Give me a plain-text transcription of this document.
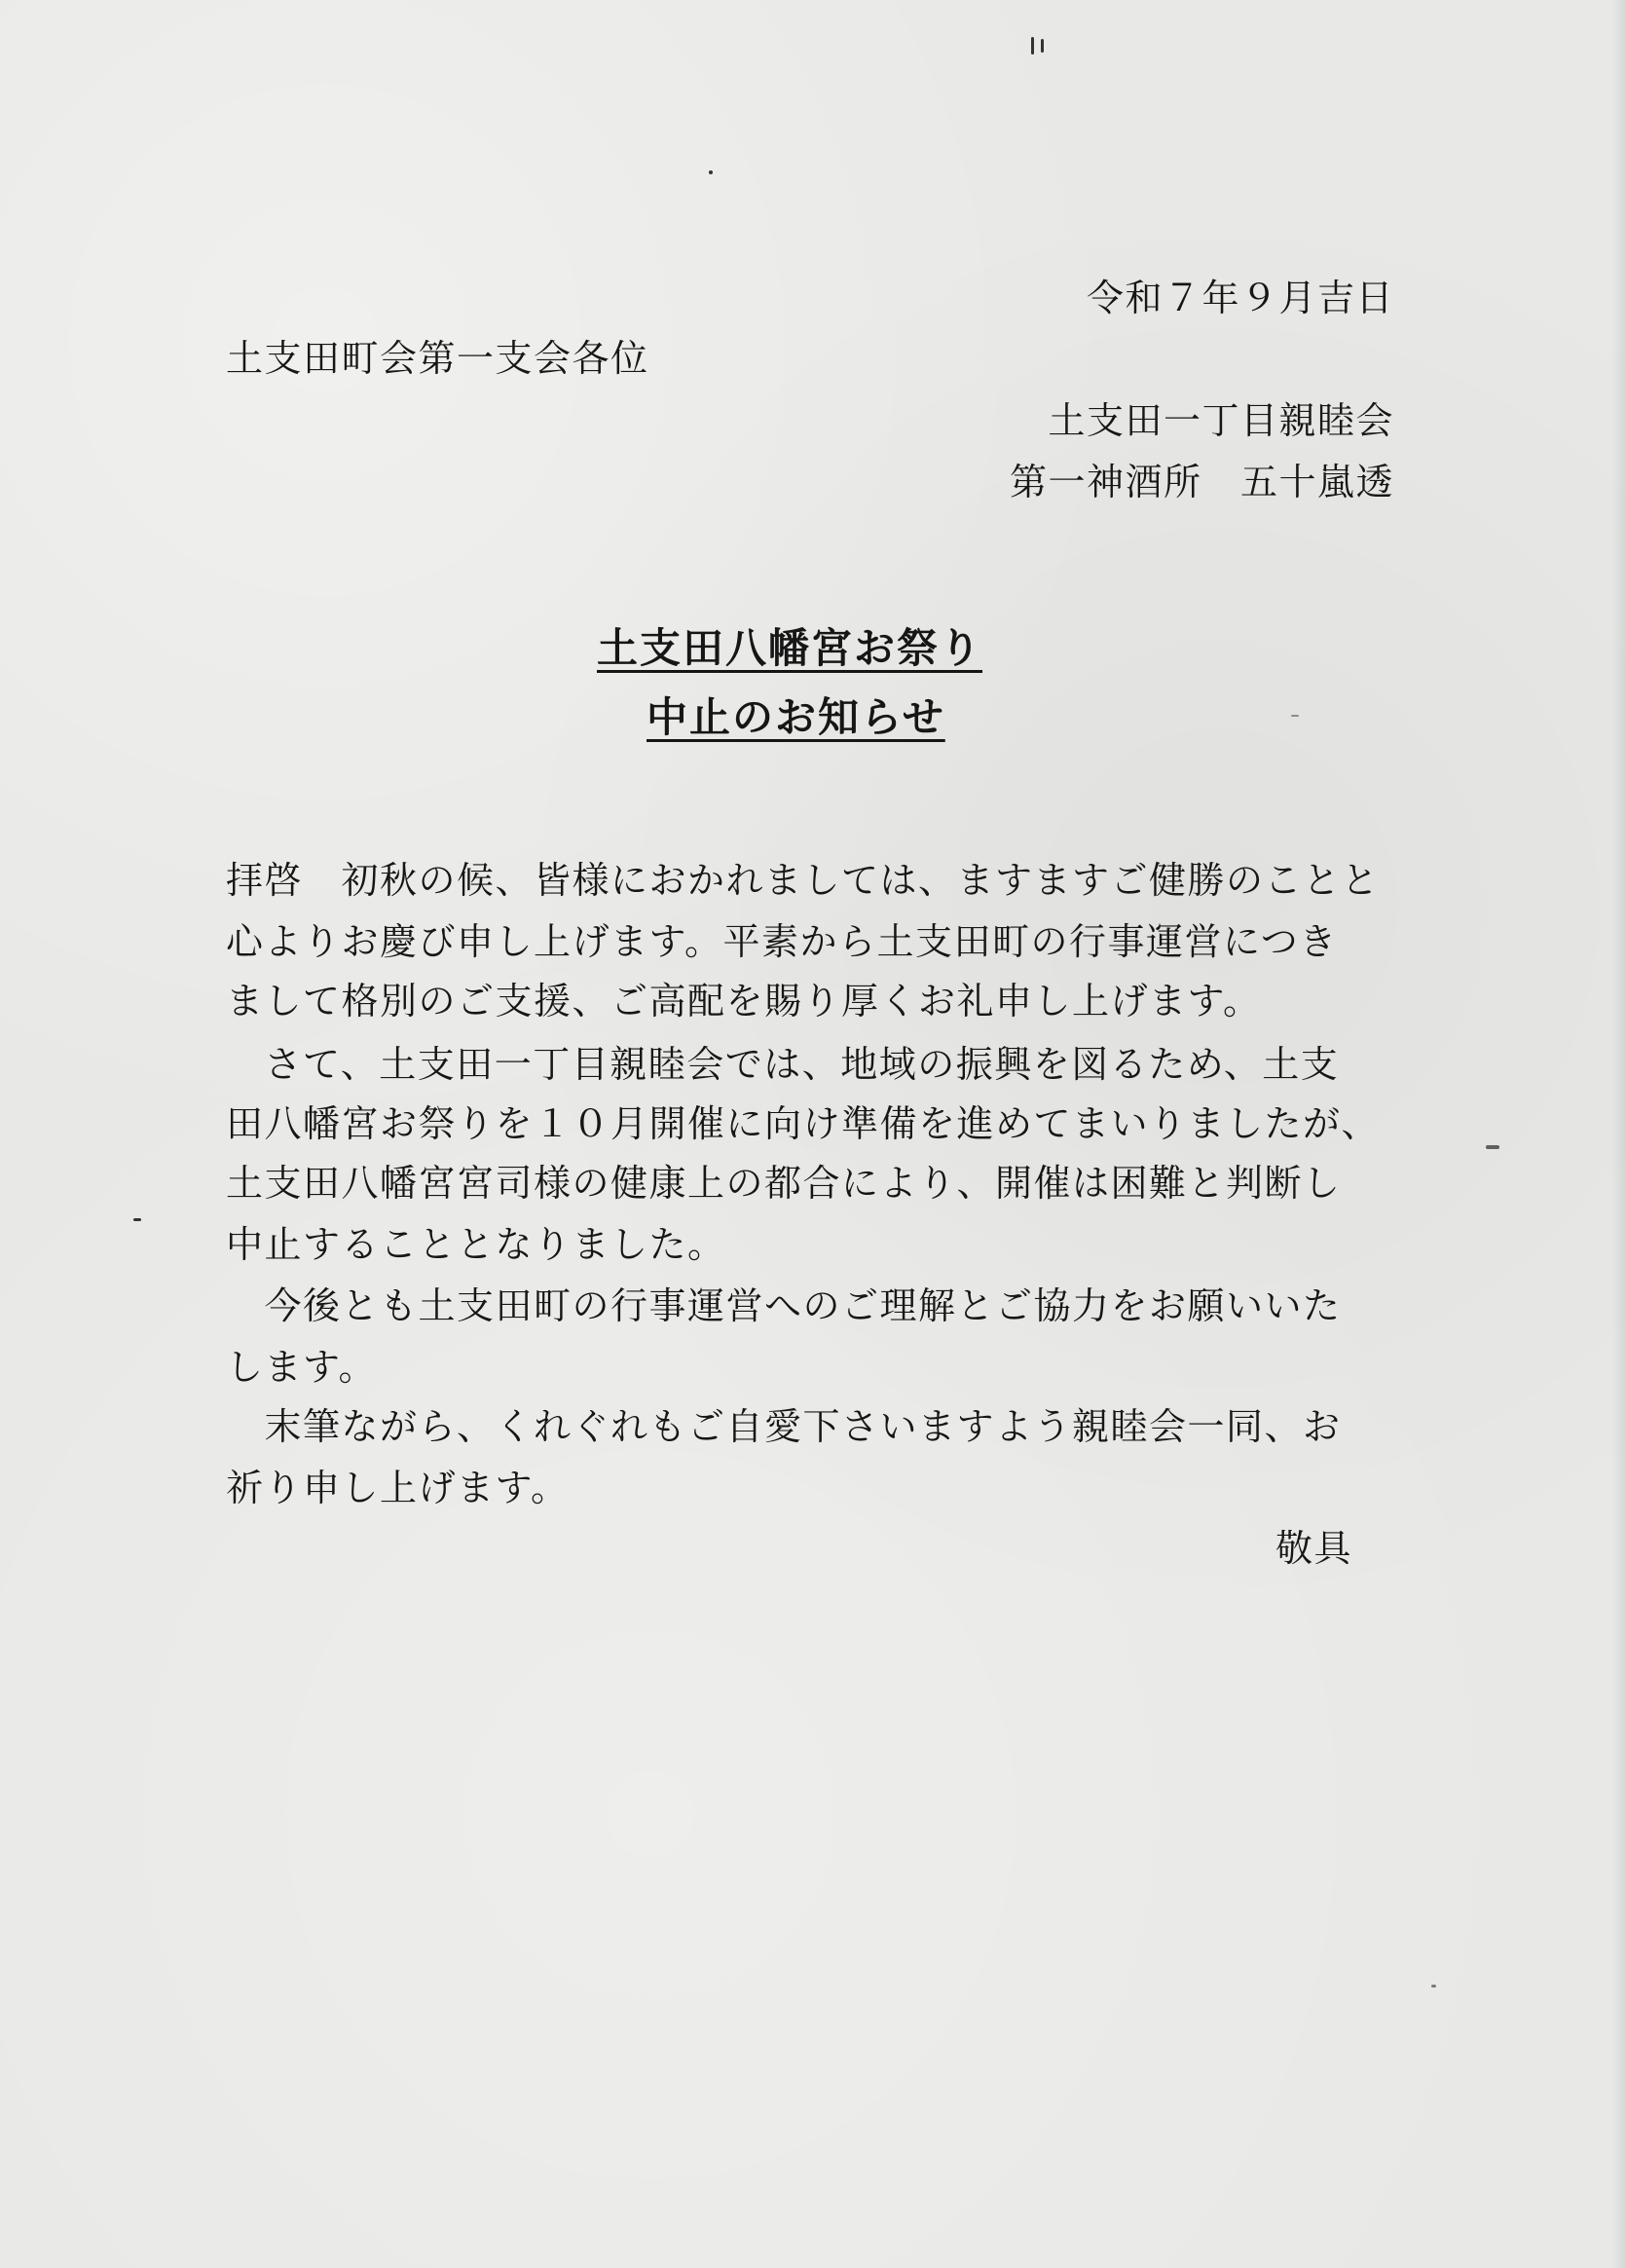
令和７年９月吉日
土支田町会第一支会各位
土支田一丁目親睦会
第一神酒所　五十嵐透
土支田八幡宮お祭り
中止のお知らせ
拝啓　初秋の候、皆様におかれましては、ますますご健勝のことと
心よりお慶び申し上げます。平素から土支田町の行事運営につき
まして格別のご支援、ご高配を賜り厚くお礼申し上げます。
　さて、土支田一丁目親睦会では、地域の振興を図るため、土支
田八幡宮お祭りを１０月開催に向け準備を進めてまいりましたが、
土支田八幡宮宮司様の健康上の都合により、開催は困難と判断し
中止することとなりました。
　今後とも土支田町の行事運営へのご理解とご協力をお願いいた
します。
　末筆ながら、くれぐれもご自愛下さいますよう親睦会一同、お
祈り申し上げます。
敬具
